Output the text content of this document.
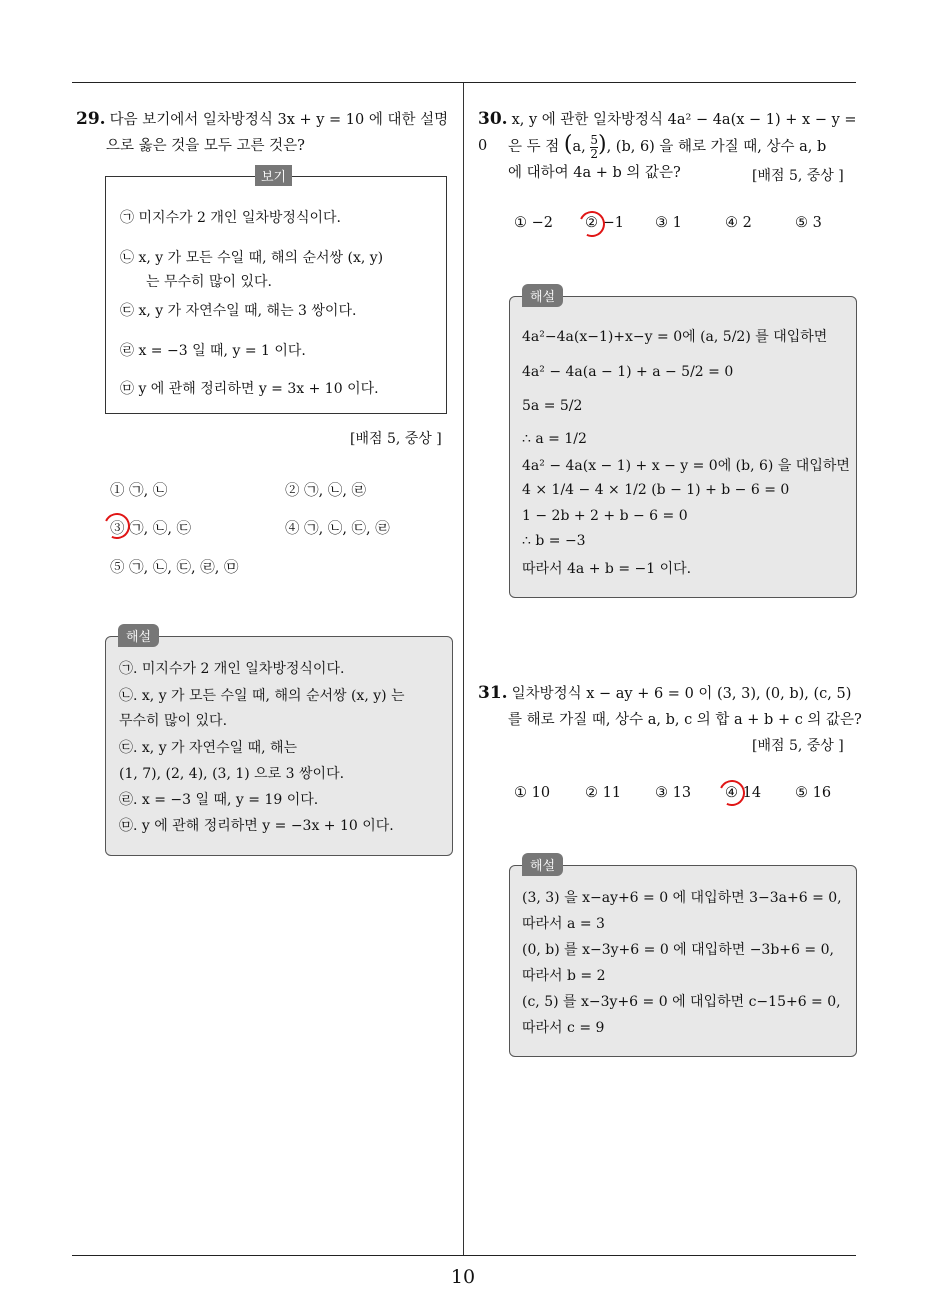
10
29. 다음 보기에서 일차방정식 3x + y = 10 에 대한 설명
으로 옳은 것을 모두 고른 것은?
보기
㉠ 미지수가 2 개인 일차방정식이다.
㉡ x, y 가 모든 수일 때, 해의 순서쌍 (x, y)
는 무수히 많이 있다.
㉢ x, y 가 자연수일 때, 해는 3 쌍이다.
㉣ x = −3 일 때, y = 1 이다.
㉤ y 에 관해 정리하면 y = 3x + 10 이다.
[배점 5, 중상 ]
① ㉠, ㉡	② ㉠, ㉡, ㉣
③ ㉠, ㉡, ㉢	④ ㉠, ㉡, ㉢, ㉣
⑤ ㉠, ㉡, ㉢, ㉣, ㉤
해설
㉠. 미지수가 2 개인 일차방정식이다.
㉡. x, y 가 모든 수일 때, 해의 순서쌍 (x, y) 는
무수히 많이 있다.
㉢. x, y 가 자연수일 때, 해는
(1, 7), (2, 4), (3, 1) 으로 3 쌍이다.
㉣. x = −3 일 때, y = 19 이다.
㉤. y 에 관해 정리하면 y = −3x + 10 이다.
30. x, y 에 관한 일차방정식 4a² − 4a(x − 1) + x − y = 0	은 두 점 (a, $\frac{5}{2}$ ), (b, 6) 을 해로 가질 때, 상수 a, b
에 대하여 4a + b 의 값은?	[배점 5, 중상 ]
① −2 ② −1 ③ 1	④ 2	⑤ 3
해설
4a²−4a(x−1)+x−y = 0에 (a, 5/2) 를 대입하면
4a² − 4a(a − 1) + a − 5/2 = 0
5a = 5/2
∴ a = 1/2
4a² − 4a(x − 1) + x − y = 0에 (b, 6) 을 대입하면
4 × 1/4 − 4 × 1/2 (b − 1) + b − 6 = 0
1 − 2b + 2 + b − 6 = 0
∴ b = −3
따라서 4a + b = −1 이다.
31. 일차방정식 x − ay + 6 = 0 이 (3, 3), (0, b), (c, 5)
를 해로 가질 때, 상수 a, b, c 의 합 a + b + c 의 값은?
[배점 5, 중상 ]
① 10 ② 11 ③ 13 ④ 14 ⑤ 16
해설
(3, 3) 을 x−ay+6 = 0 에 대입하면 3−3a+6 = 0,
따라서 a = 3
(0, b) 를 x−3y+6 = 0 에 대입하면 −3b+6 = 0,
따라서 b = 2
(c, 5) 를 x−3y+6 = 0 에 대입하면 c−15+6 = 0,
따라서 c = 9
